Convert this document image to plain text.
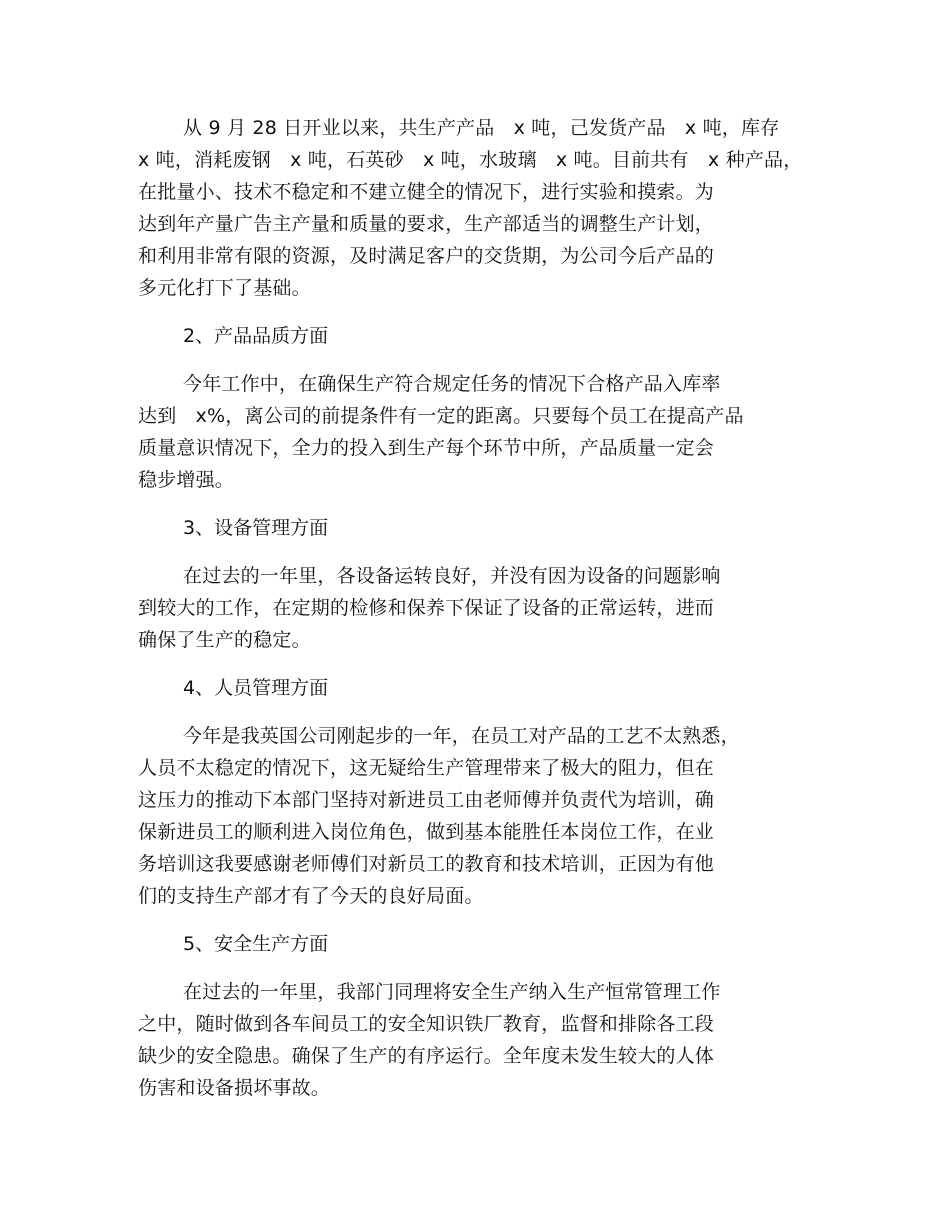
从 9 月 28 日开业以来，共生产产品　x 吨，己发货产品　x 吨，库存
x 吨，消耗废钢　x 吨，石英砂　x 吨，水玻璃　x 吨。目前共有　x 种产品，
在批量小、技术不稳定和不建立健全的情况下，进行实验和摸索。为
达到年产量广告主产量和质量的要求，生产部适当的调整生产计划，
和利用非常有限的资源，及时满足客户的交货期，为公司今后产品的
多元化打下了基础。
2、产品品质方面
今年工作中，在确保生产符合规定任务的情况下合格产品入库率
达到　x%，离公司的前提条件有一定的距离。只要每个员工在提高产品
质量意识情况下，全力的投入到生产每个环节中所，产品质量一定会
稳步增强。
3、设备管理方面
在过去的一年里，各设备运转良好，并没有因为设备的问题影响
到较大的工作，在定期的检修和保养下保证了设备的正常运转，进而
确保了生产的稳定。
4、人员管理方面
今年是我英国公司刚起步的一年，在员工对产品的工艺不太熟悉，
人员不太稳定的情况下，这无疑给生产管理带来了极大的阻力，但在
这压力的推动下本部门坚持对新进员工由老师傅并负责代为培训，确
保新进员工的顺利进入岗位角色，做到基本能胜任本岗位工作，在业
务培训这我要感谢老师傅们对新员工的教育和技术培训，正因为有他
们的支持生产部才有了今天的良好局面。
5、安全生产方面
在过去的一年里，我部门同理将安全生产纳入生产恒常管理工作
之中，随时做到各车间员工的安全知识铁厂教育，监督和排除各工段
缺少的安全隐患。确保了生产的有序运行。全年度未发生较大的人体
伤害和设备损坏事故。
